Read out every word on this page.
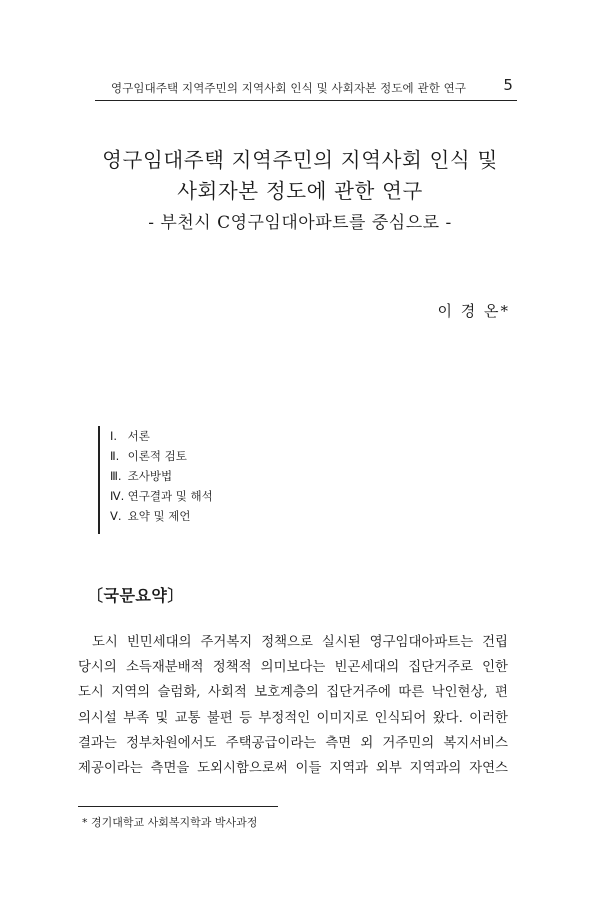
영구임대주택 지역주민의 지역사회 인식 및 사회자본 정도에 관한 연구 5
영구임대주택 지역주민의 지역사회 인식 및
사회자본 정도에 관한 연구
- 부천시 C영구임대아파트를 중심으로 -
이 경 온*
Ⅰ. 서론
Ⅱ. 이론적 검토
Ⅲ. 조사방법
Ⅳ. 연구결과 및 해석
Ⅴ. 요약 및 제언
〔국문요약〕
도시 빈민세대의 주거복지 정책으로 실시된 영구임대아파트는 건립
당시의 소득재분배적 정책적 의미보다는 빈곤세대의 집단거주로 인한
도시 지역의 슬럼화, 사회적 보호계층의 집단거주에 따른 낙인현상, 편
의시설 부족 및 교통 불편 등 부정적인 이미지로 인식되어 왔다. 이러한
결과는 정부차원에서도 주택공급이라는 측면 외 거주민의 복지서비스
제공이라는 측면을 도외시함으로써 이들 지역과 외부 지역과의 자연스
* 경기대학교 사회복지학과 박사과정
